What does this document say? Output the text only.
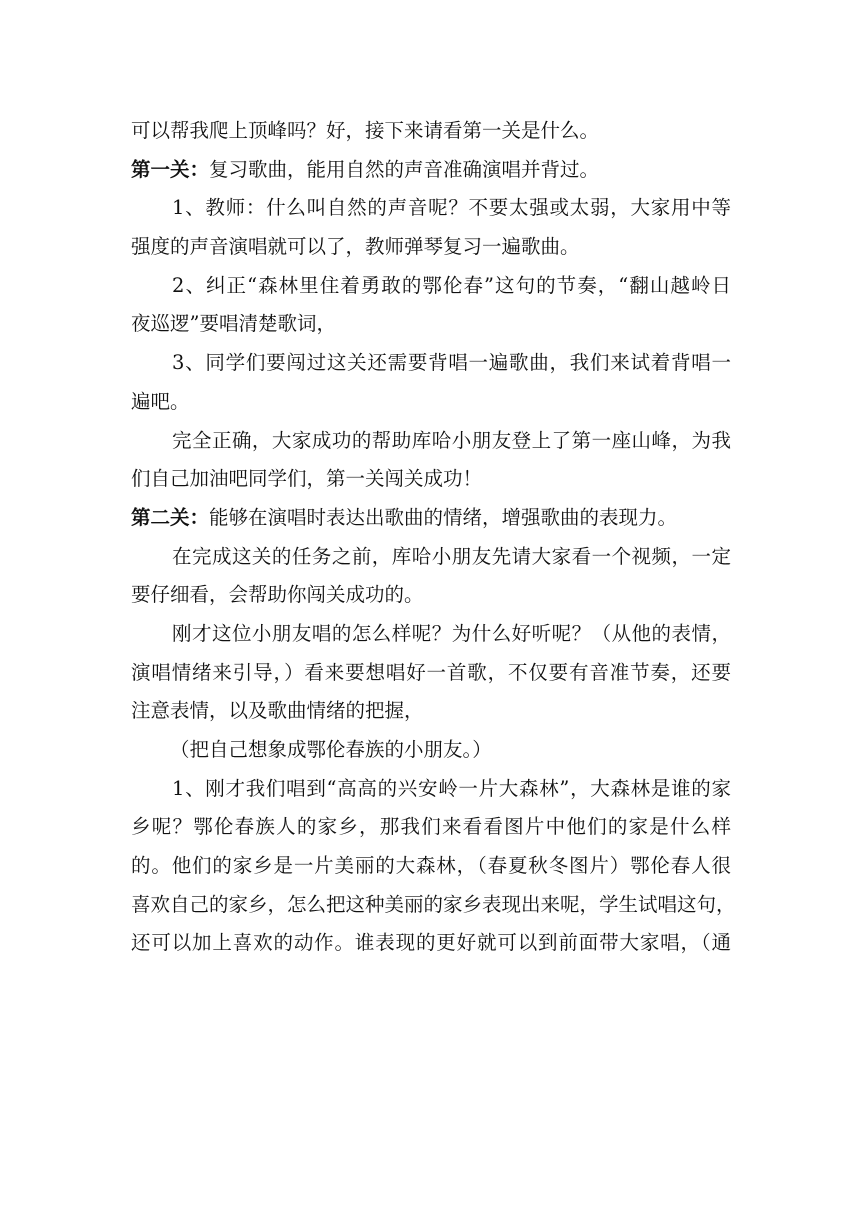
可以帮我爬上顶峰吗？好，接下来请看第一关是什么。
第一关：复习歌曲，能用自然的声音准确演唱并背过。
1、教师：什么叫自然的声音呢？不要太强或太弱，大家用中等
强度的声音演唱就可以了，教师弹琴复习一遍歌曲。
2、纠正“森林里住着勇敢的鄂伦春”这句的节奏，“翻山越岭日
夜巡逻”要唱清楚歌词，
3、同学们要闯过这关还需要背唱一遍歌曲，我们来试着背唱一
遍吧。
完全正确，大家成功的帮助库哈小朋友登上了第一座山峰，为我
们自己加油吧同学们，第一关闯关成功！
第二关：能够在演唱时表达出歌曲的情绪，增强歌曲的表现力。
在完成这关的任务之前，库哈小朋友先请大家看一个视频，一定
要仔细看，会帮助你闯关成功的。
刚才这位小朋友唱的怎么样呢？为什么好听呢？（从他的表情，
演唱情绪来引导，）看来要想唱好一首歌，不仅要有音准节奏，还要
注意表情，以及歌曲情绪的把握，
（把自己想象成鄂伦春族的小朋友。）
1、刚才我们唱到“高高的兴安岭一片大森林”，大森林是谁的家
乡呢？鄂伦春族人的家乡，那我们来看看图片中他们的家是什么样
的。他们的家乡是一片美丽的大森林，（春夏秋冬图片）鄂伦春人很
喜欢自己的家乡，怎么把这种美丽的家乡表现出来呢，学生试唱这句，
还可以加上喜欢的动作。谁表现的更好就可以到前面带大家唱，（通
